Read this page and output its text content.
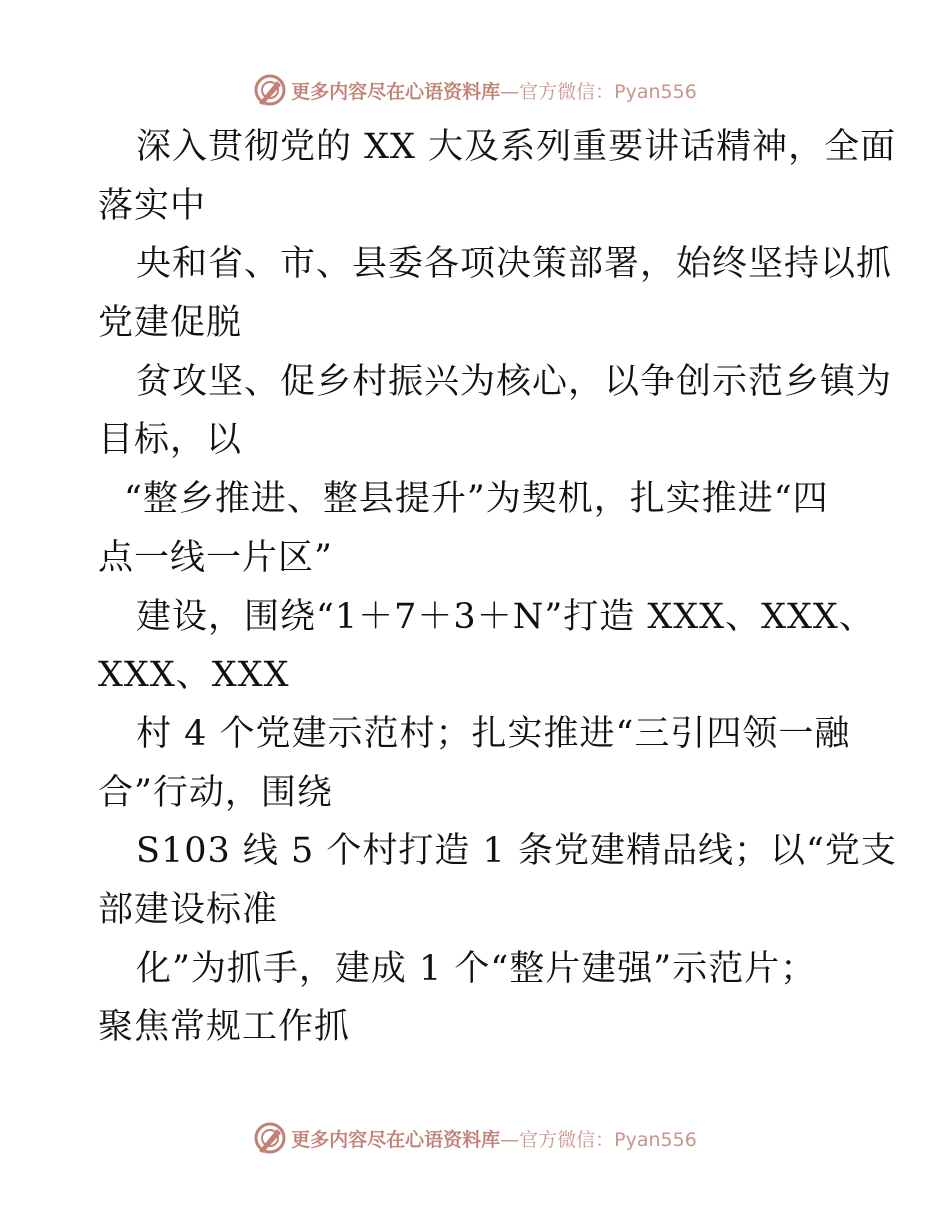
更多内容尽在心语资料库 —官方微信：Pyan556
深入贯彻党的 XX 大及系列重要讲话精神，全面
落实中
央和省、市、县委各项决策部署，始终坚持以抓
党建促脱
贫攻坚、促乡村振兴为核心，以争创示范乡镇为
目标，以
“整乡推进、整县提升”为契机，扎实推进“四
点一线一片区”
建设，围绕“1＋7＋3＋N”打造 XXX、XXX、
XXX、XXX
村 4 个党建示范村；扎实推进“三引四领一融
合”行动，围绕
S103 线 5 个村打造 1 条党建精品线；以“党支
部建设标准
化”为抓手，建成 1 个“整片建强”示范片；
聚焦常规工作抓
更多内容尽在心语资料库 —官方微信：Pyan556
